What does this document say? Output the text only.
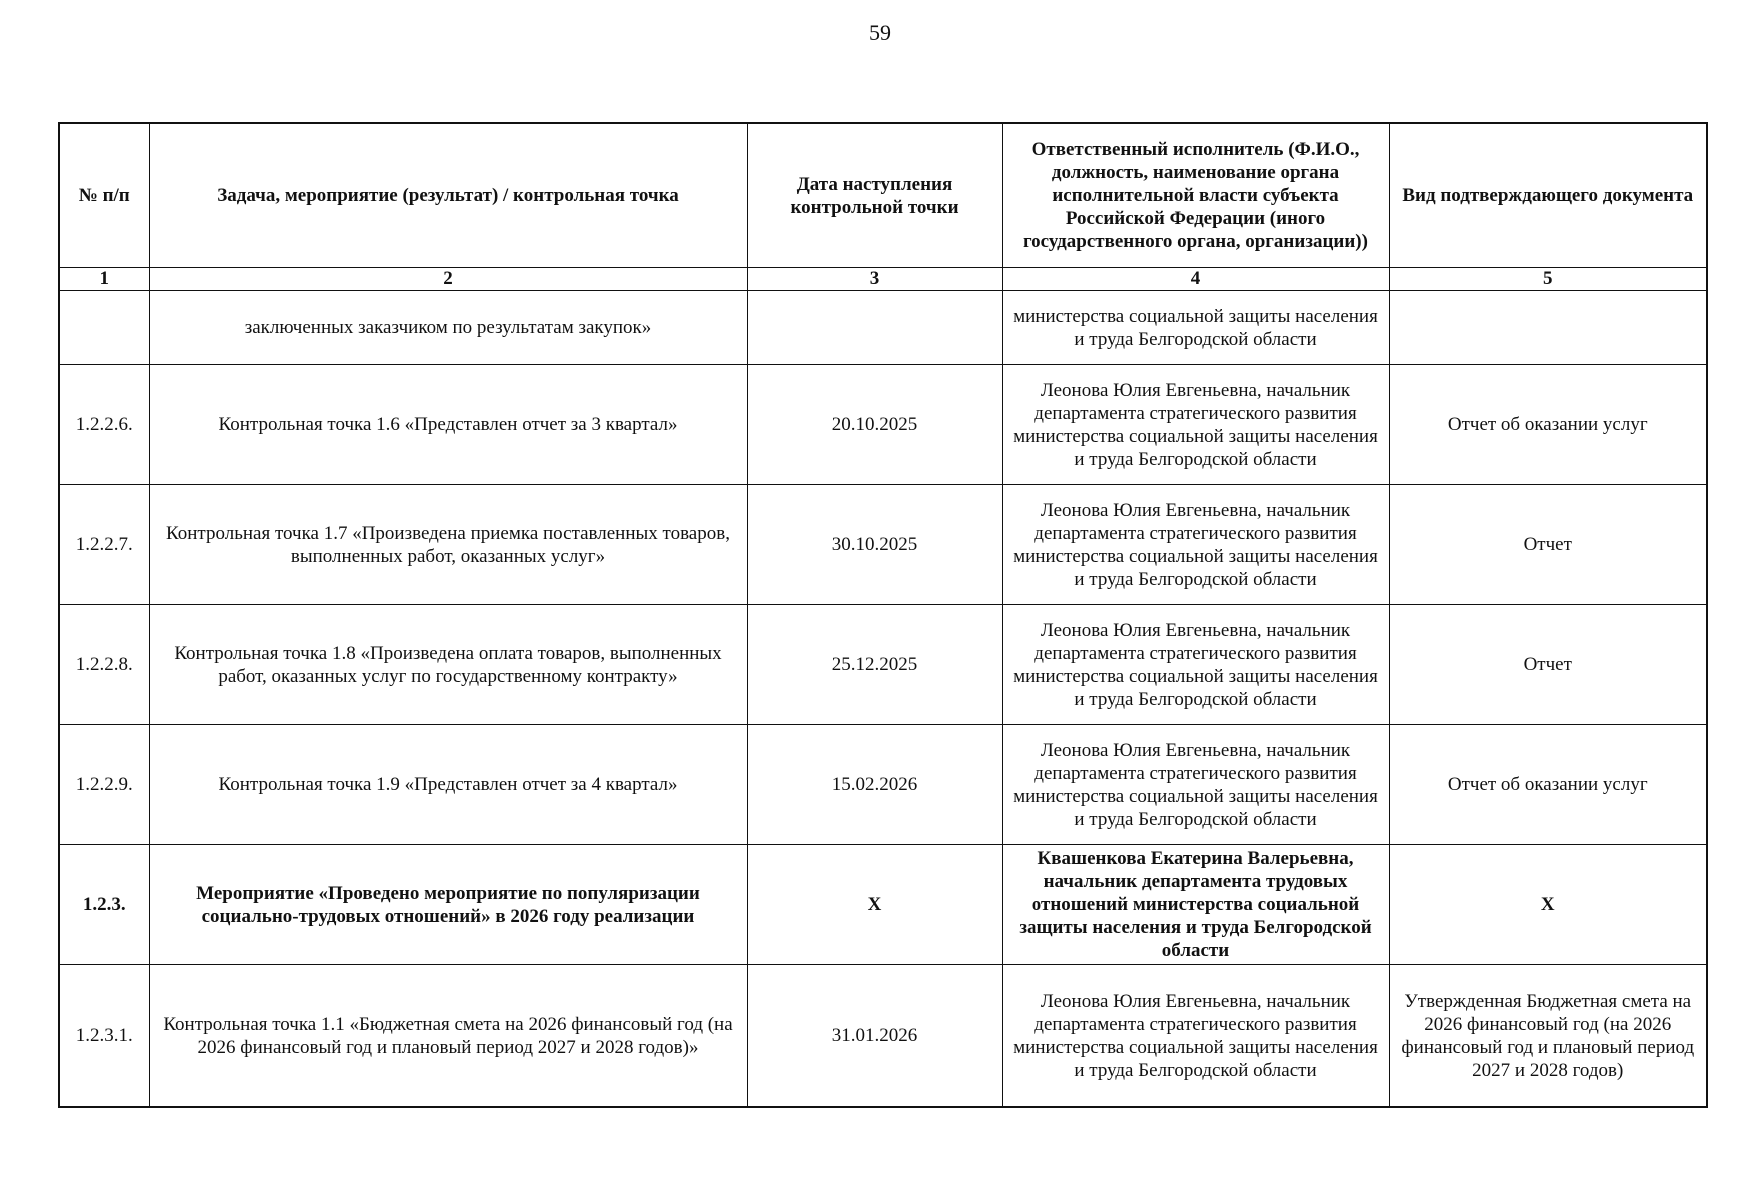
59
№ п/п	Задача, мероприятие (результат) / контрольная точка	Дата наступления контрольной точки	Ответственный исполнитель (Ф.И.О., должность, наименование органа исполнительной власти субъекта Российской Федерации (иного государственного органа, организации))	Вид подтверждающего документа
1	2	3	4	5
	заключенных заказчиком по результатам закупок»		министерства социальной защиты населения и труда Белгородской области	
1.2.2.6.	Контрольная точка 1.6 «Представлен отчет за 3 квартал»	20.10.2025	Леонова Юлия Евгеньевна, начальник департамента стратегического развития министерства социальной защиты населения и труда Белгородской области	Отчет об оказании услуг
1.2.2.7.	Контрольная точка 1.7 «Произведена приемка поставленных товаров, выполненных работ, оказанных услуг»	30.10.2025	Леонова Юлия Евгеньевна, начальник департамента стратегического развития министерства социальной защиты населения и труда Белгородской области	Отчет
1.2.2.8.	Контрольная точка 1.8 «Произведена оплата товаров, выполненных работ, оказанных услуг по государственному контракту»	25.12.2025	Леонова Юлия Евгеньевна, начальник департамента стратегического развития министерства социальной защиты населения и труда Белгородской области	Отчет
1.2.2.9.	Контрольная точка 1.9 «Представлен отчет за 4 квартал»	15.02.2026	Леонова Юлия Евгеньевна, начальник департамента стратегического развития министерства социальной защиты населения и труда Белгородской области	Отчет об оказании услуг
1.2.3.	Мероприятие «Проведено мероприятие по популяризации социально-трудовых отношений» в 2026 году реализации	Х	Квашенкова Екатерина Валерьевна, начальник департамента трудовых отношений министерства социальной защиты населения и труда Белгородской области	Х
1.2.3.1.	Контрольная точка 1.1 «Бюджетная смета на 2026 финансовый год (на 2026 финансовый год и плановый период 2027 и 2028 годов)»	31.01.2026	Леонова Юлия Евгеньевна, начальник департамента стратегического развития министерства социальной защиты населения и труда Белгородской области	Утвержденная Бюджетная смета на 2026 финансовый год (на 2026 финансовый год и плановый период 2027 и 2028 годов)
